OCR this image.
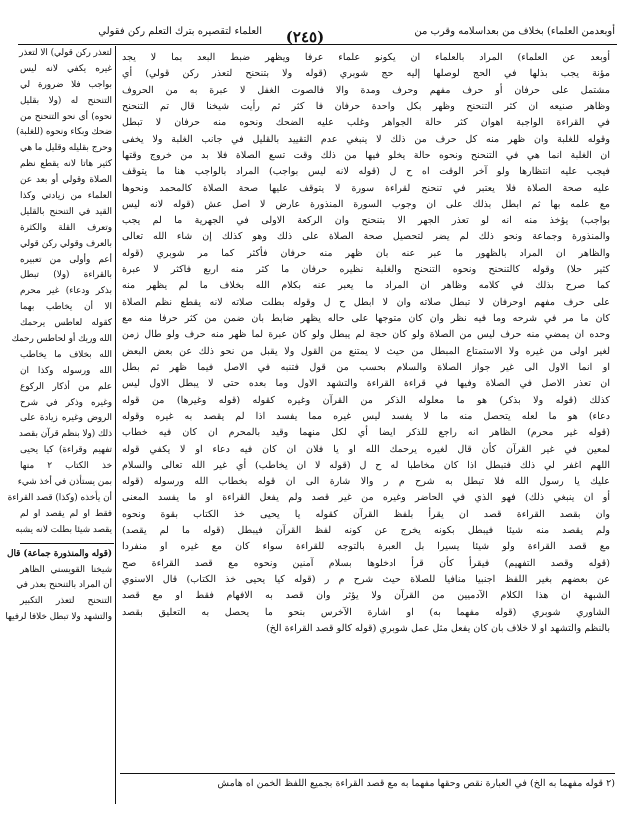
أوبعدمن العلماء) بخلاف من بعداسلامه وقرب من
(٢٤٥)
العلماء لتقصيره بترك التعلم ركن فقولي
أوبعد عن العلماء) المراد بالعلماء ان يكونو علماء عرفا ويظهر ضبط البعد بما لا يجد
مؤنة يجب بذلها في الحج لوصلها إليه حج شوبري (قوله ولا بتنحنح لتعذر ركن قولي) أي
مشتمل على حرفان أو حرف مفهم وحرف ومدة والا فالصوت الغفل لا عبرة به من الحروف
وظاهر صنيعه ان كثر التنحنح وظهر بكل واحدة حرفان فا كثر ثم رأيت شيخنا قال تم التنحنح
في القراءة الواجبة اهوان كثر حالة الجواهر وغلب عليه الضحك ونحوه منه حرفان لا تبطل
وقوله للغلبة وان ظهر منه كل حرف من ذلك لا ينبغي عدم التقييد بالقليل في جانب الغلبة ولا يخفى
ان الغلبة انما هي في التنحنح ونحوه حالة يخلو فيها من ذلك وقت تسع الصلاة فلا بد من خروج وقتها
فيجب عليه انتظارها ولو آخر الوقت اه ح ل (قوله لانه ليس بواجب) المراد بالواجب هنا ما يتوقف
عليه صحة الصلاة فلا يعتبر في تنحنح لقراءة سورة لا يتوقف عليها صحة الصلاة كالمحمد ونحوها
مع علمه بها ثم ابطل بذلك على ان وجوب السورة المنذورة عارض لا اصل عش (قوله لانه ليس
بواجب) يؤخذ منه انه لو تعذر الجهر الا بتنحنح وان الركعة الاولى في الجهرية ما لم يجب
والمنذورة وجماعة ونحو ذلك لم يضر لتحصيل صحة الصلاة على ذلك وهو كذلك إن شاء الله تعالى
والظاهر ان المراد بالظهور ما عبر عنه بان ظهر منه حرفان فأكثر كما مر شوبري (قوله
كثير حلا) وقوله كالتنحنح ونحوه التنحنح والغلبة نظيره حرفان ما كثر منه اربع فاكثر لا عبرة
كما صرح بذلك في كلامه وظاهر ان المراد ما يعبر عنه بكلام الله بخلاف ما لم يظهر منه
على حرف مفهم اوحرفان لا تبطل صلاته وان لا ابطل ح ل وقوله بطلت صلاته لانه يقطع نظم الصلاة
كان ما مر في شرحه وما فيه نظر وان كان متوجها على حاله يظهر ضابط بان ضمن من كثر حرفا منه مع
وحده ان يمضي منه حرف ليس من الصلاة ولو كان حجة لم يبطل ولو كان عبرة لما ظهر منه حرف ولو طال زمن
لغير اولى من غيره ولا الاستمتاع المبطل من حيث لا يمتنع من القول ولا يقبل من نحو ذلك عن بعض البعض
او انما الاول الى غير جواز الصلاة والسلام بحسب من قول فتنبه في الاصل فيما ظهر ثم بطل
ان تعذر الاصل في الصلاة وفيها في قراءة القراءة والتشهد الاول وما بعده حتى لا يبطل الاول ليس
كذلك (قوله ولا بذكر) هو ما معلوله الذكر من القرآن وغيره كقوله (قوله وغيرها) من قوله
دعاء) هو ما لعله يتحصل منه ما لا يفسد ليس غيره مما يفسد اذا لم يقصد به غيره وقوله
(قوله غير محرم) الظاهر انه راجع للذكر ايضا أي لكل منهما وقيد بالمحرم ان كان فيه خطاب
لمعين في غير القرآن كأن قال لغيره يرحمك الله او يا فلان ان كان فيه دعاء او لا يكفي قوله
اللهم اغفر لي ذلك فتبطل اذا كان مخاطبا له ح ل (قوله لا ان يخاطب) أي غير الله تعالى والسلام
عليك يا رسول الله فلا تبطل به شرح م ر والا شارة الى ان قوله بخطاب الله ورسوله (قوله
أو ان ينبغي ذلك) فهو الذي في الحاضر وغيره من غير قصد ولم يفعل القراءة او ما يفسد المعنى
وان بقصد القراءة قصد ان يقرأ بلفظ القرآن كقوله يا يحيى خذ الكتاب بقوة ونحوه
ولم يقصد منه شيئا فيبطل بكونه يخرج عن كونه لفظ القرآن فيبطل (قوله ما لم يقصد)
مع قصد القراءة ولو شيئا يسيرا بل العبرة بالتوجه للقراءة سواء كان مع غيره او منفردا
(قوله وقصد التفهيم) فيقرأ كأن قرأ ادخلوها بسلام آمنين ونحوه مع قصد القراءة صح
عن بعضهم بغير اللفظ اجنبيا منافيا للصلاة حيث شرح م ر (قوله كيا يحيى خذ الكتاب) قال الاسنوي
الشبهة ان هذا الكلام الآدميين من القرآن ولا يؤثر وان قصد به الافهام فقط او مع قصد
الشاوري شوبري (قوله مفهما به) او اشارة الآخرس بنحو ما يحصل به التعليق بقصد
بالنظم والتشهد او لا خلاف بان كان يفعل مثل عمل شوبري (قوله كالو قصد القراءة الخ)
لتعذر ركن قولي) الا لتعذر
غيره يكفي لانه ليس
بواجب فلا ضرورة لي
التنحنح له (ولا بقليل
نحوه) أي نحو التنحنح من
ضحك وبكاء ونحوه (للغلبة)
وحرج بقليله وقليل ما هي
كثير هاتا لانه يقطع نظم
الصلاة وقولي أو بعد عن
العلماء من زيادتي وكذا
القيد في التنحنح بالقليل
وتعرف القلة والكثرة
بالعرف وقولي ركن قولي
أعم وأولى من تعبيره
بالقراءة (ولا) تبطل
بذكر ودعاء) غير محرم
الا أن يخاطب بهما
كقوله لعاطس يرحمك
الله وربك أو لحاطس رحمك
الله بخلاف ما يخاطب
الله ورسوله وكذا ان
علم من أذكار الركوع
وغيره وذكر في شرح
الروض وغيره زيادة على
ذلك (ولا بنظم قرآن بقصد
تفهيم وقراءة) كيا يحيى
خذ الكتاب ٢ منها
بمن يستأذن في أخذ شيء
أن يأخذه (وكذا) قصد القراءة
فقط او لم يقصد او لم
يقصد شيئا بطلت لانه يشبه
(قوله والمنذورة جماعة) قال
شيخنا القويسني الظاهر
أن المراد بالتنحنح بعذر في
التنحنح لتعذر التكبير
والتشهد ولا تبطل خلافا لرفيها
(٢ قوله مفهما به الخ) في العبارة نقص وحقها مفهما به مع قصد القراءة بجميع اللفظ الخمن اه هامش
